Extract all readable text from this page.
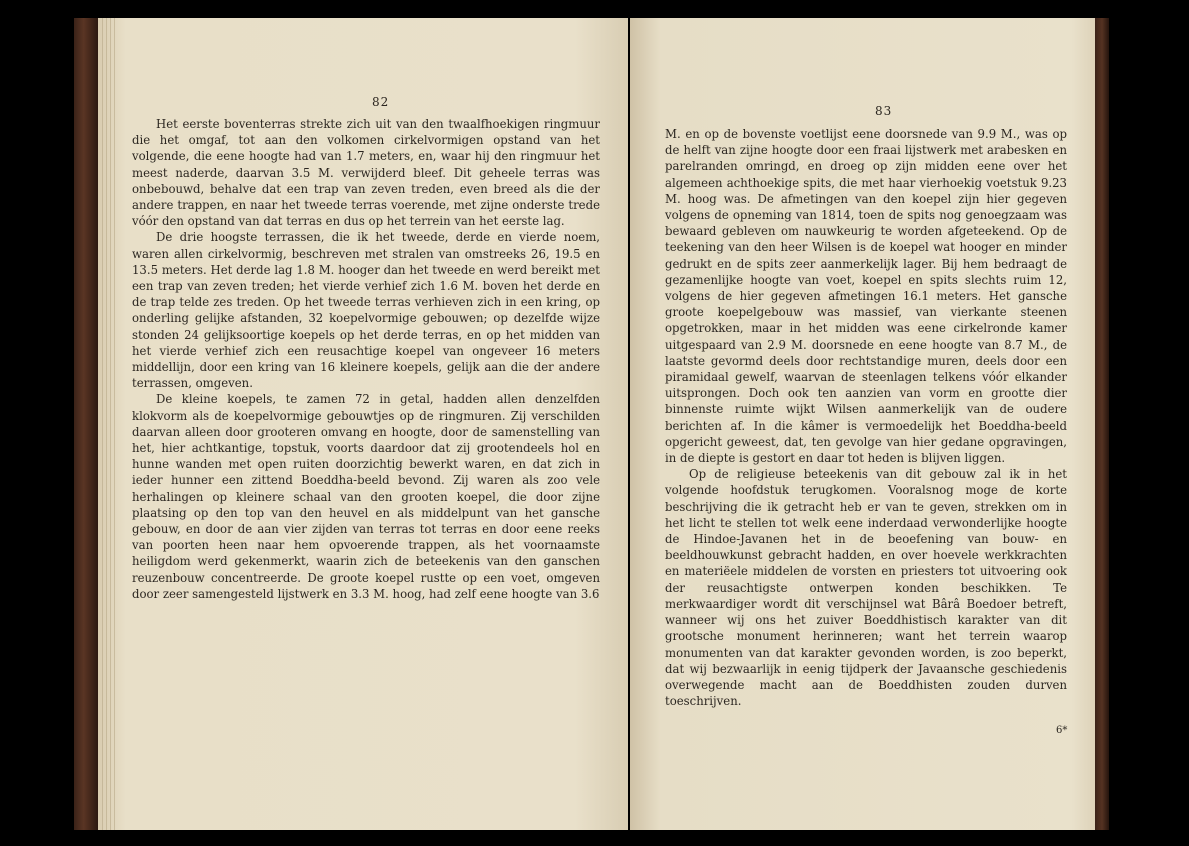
82

Het eerste boventerras strekte zich uit van den twaalfhoekigen ringmuur die het omgaf, tot aan den volkomen cirkelvormigen opstand van het volgende, die eene hoogte had van 1.7 meters, en, waar hij den ringmuur het meest naderde, daarvan 3.5 M. verwijderd bleef. Dit geheele terras was onbebouwd, behalve dat een trap van zeven treden, even breed als die der andere trappen, en naar het tweede terras voerende, met zijne onderste trede vóór den opstand van dat terras en dus op het terrein van het eerste lag.

De drie hoogste terrassen, die ik het tweede, derde en vierde noem, waren allen cirkelvormig, beschreven met stralen van omstreeks 26, 19.5 en 13.5 meters. Het derde lag 1.8 M. hooger dan het tweede en werd bereikt met een trap van zeven treden; het vierde verhief zich 1.6 M. boven het derde en de trap telde zes treden. Op het tweede terras verhieven zich in een kring, op onderling gelijke afstanden, 32 koepelvormige gebouwen; op dezelfde wijze stonden 24 gelijksoortige koepels op het derde terras, en op het midden van het vierde verhief zich een reusachtige koepel van ongeveer 16 meters middellijn, door een kring van 16 kleinere koepels, gelijk aan die der andere terrassen, omgeven.

De kleine koepels, te zamen 72 in getal, hadden allen denzelfden klokvorm als de koepelvormige gebouwtjes op de ringmuren. Zij verschilden daarvan alleen door grooteren omvang en hoogte, door de samenstelling van het, hier achtkantige, topstuk, voorts daardoor dat zij grootendeels hol en hunne wanden met open ruiten doorzichtig bewerkt waren, en dat zich in ieder hunner een zittend Boeddha-beeld bevond. Zij waren als zoo vele herhalingen op kleinere schaal van den grooten koepel, die door zijne plaatsing op den top van den heuvel en als middelpunt van het gansche gebouw, en door de aan vier zijden van terras tot terras en door eene reeks van poorten heen naar hem opvoerende trappen, als het voornaamste heiligdom werd gekenmerkt, waarin zich de beteekenis van den ganschen reuzenbouw concentreerde. De groote koepel rustte op een voet, omgeven door zeer samengesteld lijstwerk en 3.3 M. hoog, had zelf eene hoogte van 3.6

83

M. en op de bovenste voetlijst eene doorsnede van 9.9 M., was op de helft van zijne hoogte door een fraai lijstwerk met arabesken en parelranden omringd, en droeg op zijn midden eene over het algemeen achthoekige spits, die met haar vierhoekig voetstuk 9.23 M. hoog was. De afmetingen van den koepel zijn hier gegeven volgens de opneming van 1814, toen de spits nog genoegzaam was bewaard gebleven om nauwkeurig te worden afgeteekend. Op de teekening van den heer Wilsen is de koepel wat hooger en minder gedrukt en de spits zeer aanmerkelijk lager. Bij hem bedraagt de gezamenlijke hoogte van voet, koepel en spits slechts ruim 12, volgens de hier gegeven afmetingen 16.1 meters. Het gansche groote koepelgebouw was massief, van vierkante steenen opgetrokken, maar in het midden was eene cirkelronde kamer uitgespaard van 2.9 M. doorsnede en eene hoogte van 8.7 M., de laatste gevormd deels door rechtstandige muren, deels door een piramidaal gewelf, waarvan de steenlagen telkens vóór elkander uitsprongen. Doch ook ten aanzien van vorm en grootte dier binnenste ruimte wijkt Wilsen aanmerkelijk van de oudere berichten af. In die kâmer is vermoedelijk het Boeddha-beeld opgericht geweest, dat, ten gevolge van hier gedane opgravingen, in de diepte is gestort en daar tot heden is blijven liggen.

Op de religieuse beteekenis van dit gebouw zal ik in het volgende hoofdstuk terugkomen. Vooralsnog moge de korte beschrijving die ik getracht heb er van te geven, strekken om in het licht te stellen tot welk eene inderdaad verwonderlijke hoogte de Hindoe-Javanen het in de beoefening van bouw- en beeldhouwkunst gebracht hadden, en over hoevele werkkrachten en materiëele middelen de vorsten en priesters tot uitvoering ook der reusachtigste ontwerpen konden beschikken. Te merkwaardiger wordt dit verschijnsel wat Bârâ Boedoer betreft, wanneer wij ons het zuiver Boeddhistisch karakter van dit grootsche monument herinneren; want het terrein waarop monumenten van dat karakter gevonden worden, is zoo beperkt, dat wij bezwaarlijk in eenig tijdperk der Javaansche geschiedenis overwegende macht aan de Boeddhisten zouden durven toeschrijven.

6*
